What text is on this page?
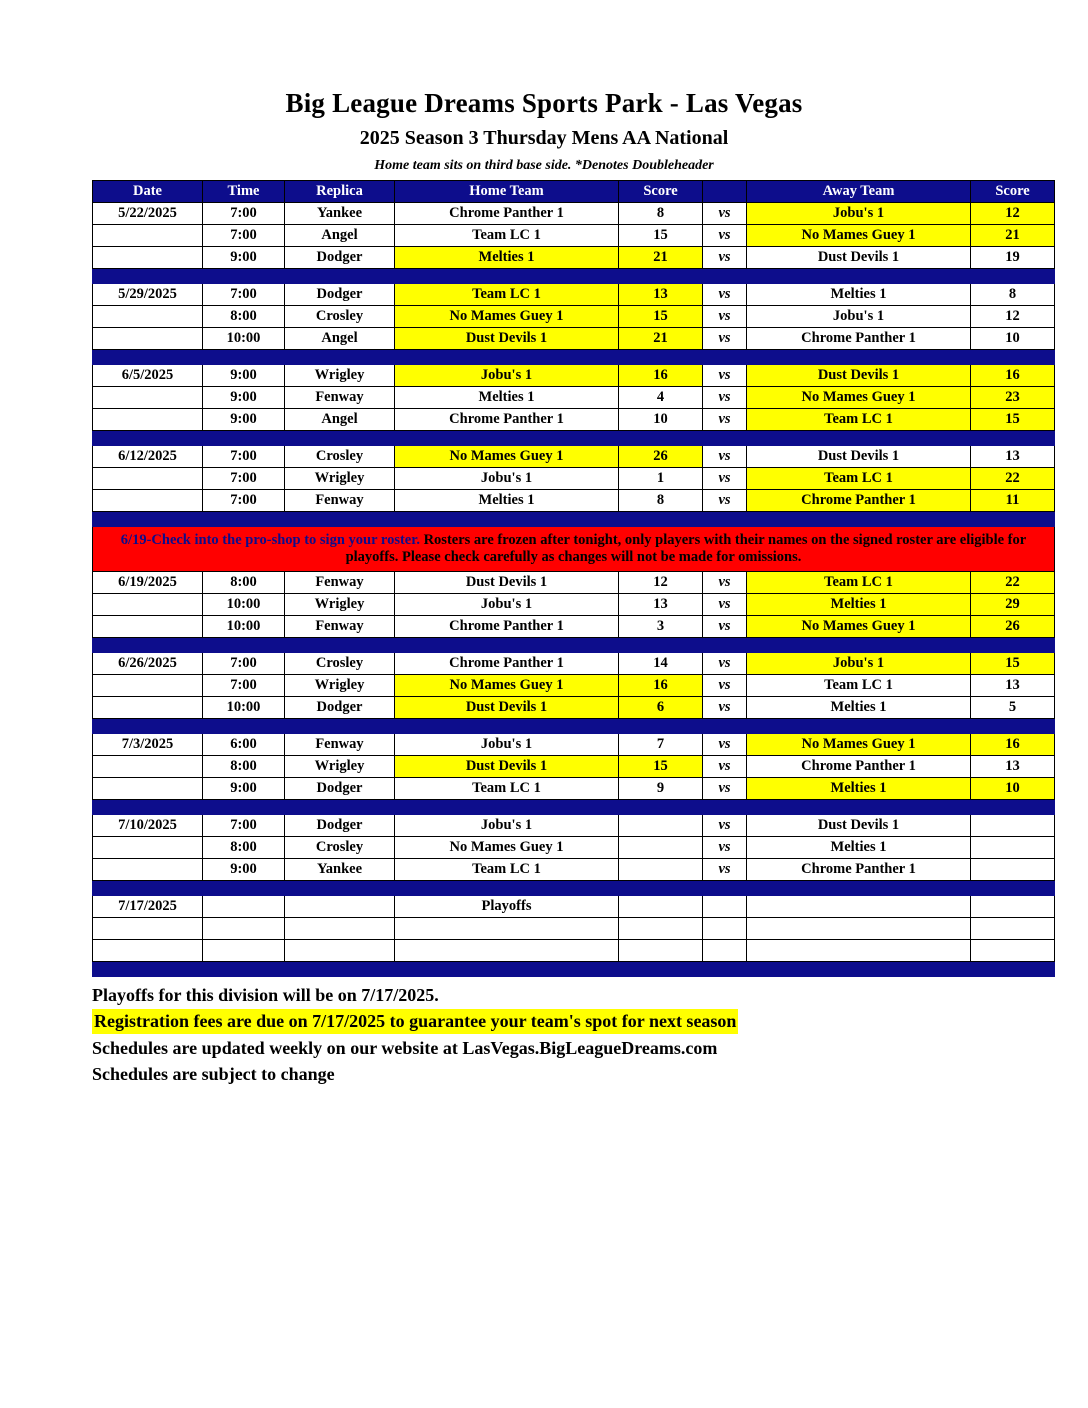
Big League Dreams Sports Park - Las Vegas
2025 Season 3 Thursday Mens AA National
Home team sits on third base side. *Denotes Doubleheader
Date	Time	Replica	Home Team	Score		Away Team	Score
5/22/2025	7:00	Yankee	Chrome Panther 1	8	vs	Jobu's 1	12
	7:00	Angel	Team LC 1	15	vs	No Mames Guey 1	21
	9:00	Dodger	Melties 1	21	vs	Dust Devils 1	19

5/29/2025	7:00	Dodger	Team LC 1	13	vs	Melties 1	8
	8:00	Crosley	No Mames Guey 1	15	vs	Jobu's 1	12
	10:00	Angel	Dust Devils 1	21	vs	Chrome Panther 1	10

6/5/2025	9:00	Wrigley	Jobu's 1	16	vs	Dust Devils 1	16
	9:00	Fenway	Melties 1	4	vs	No Mames Guey 1	23
	9:00	Angel	Chrome Panther 1	10	vs	Team LC 1	15

6/12/2025	7:00	Crosley	No Mames Guey 1	26	vs	Dust Devils 1	13
	7:00	Wrigley	Jobu's 1	1	vs	Team LC 1	22
	7:00	Fenway	Melties 1	8	vs	Chrome Panther 1	11

6/19-Check into the pro-shop to sign your roster. Rosters are frozen after tonight, only players with their names on the signed roster are eligible for playoffs. Please check carefully as changes will not be made for omissions.							
6/19/2025	8:00	Fenway	Dust Devils 1	12	vs	Team LC 1	22
	10:00	Wrigley	Jobu's 1	13	vs	Melties 1	29
	10:00	Fenway	Chrome Panther 1	3	vs	No Mames Guey 1	26

6/26/2025	7:00	Crosley	Chrome Panther 1	14	vs	Jobu's 1	15
	7:00	Wrigley	No Mames Guey 1	16	vs	Team LC 1	13
	10:00	Dodger	Dust Devils 1	6	vs	Melties 1	5

7/3/2025	6:00	Fenway	Jobu's 1	7	vs	No Mames Guey 1	16
	8:00	Wrigley	Dust Devils 1	15	vs	Chrome Panther 1	13
	9:00	Dodger	Team LC 1	9	vs	Melties 1	10

7/10/2025	7:00	Dodger	Jobu's 1		vs	Dust Devils 1	
	8:00	Crosley	No Mames Guey 1		vs	Melties 1	
	9:00	Yankee	Team LC 1		vs	Chrome Panther 1	

7/17/2025			Playoffs				

Playoffs for this division will be on 7/17/2025.

Registration fees are due on 7/17/2025 to guarantee your team's spot for next season

Schedules are updated weekly on our website at LasVegas.BigLeagueDreams.com

Schedules are subject to change
